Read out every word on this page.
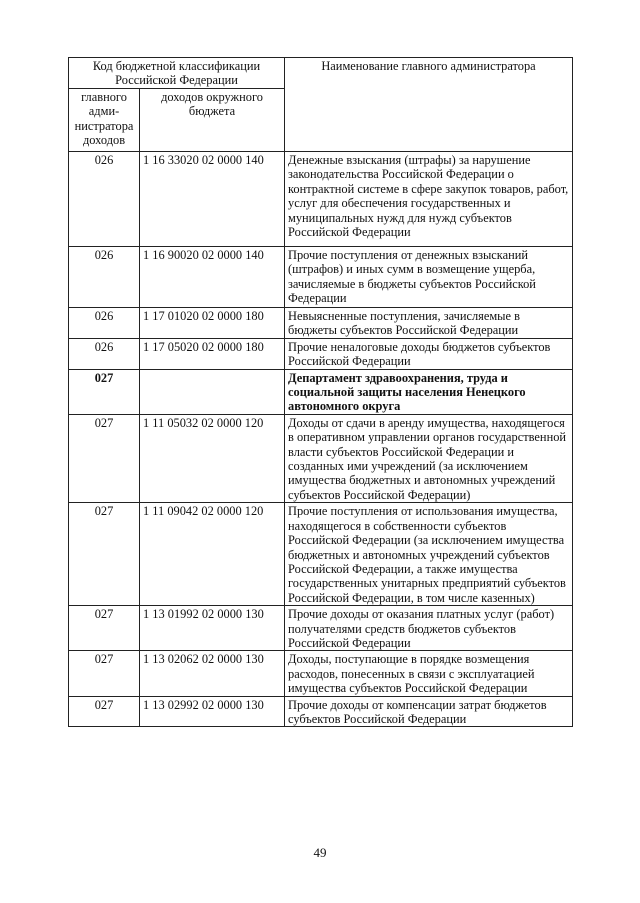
Код бюджетной классификации Российской Федерации		Наименование главного администратора
главного адми-нистратора доходов	доходов окружного бюджета	
026	1 16 33020 02 0000 140	Денежные взыскания (штрафы) за нарушение законодательства Российской Федерации о контрактной системе в сфере закупок товаров, работ, услуг для обеспечения государственных и муниципальных нужд для нужд субъектов Российской Федерации
026	1 16 90020 02 0000 140	Прочие поступления от денежных взысканий (штрафов) и иных сумм в возмещение ущерба, зачисляемые в бюджеты субъектов Российской Федерации
026	1 17 01020 02 0000 180	Невыясненные поступления, зачисляемые в бюджеты субъектов Российской Федерации
026	1 17 05020 02 0000 180	Прочие неналоговые доходы бюджетов субъектов Российской Федерации
027		Департамент здравоохранения, труда и социальной защиты населения Ненецкого автономного округа
027	1 11 05032 02 0000 120	Доходы от сдачи в аренду имущества, находящегося в оперативном управлении органов государственной власти субъектов Российской Федерации и созданных ими учреждений (за исключением имущества бюджетных и автономных учреждений субъектов Российской Федерации)
027	1 11 09042 02 0000 120	Прочие поступления от использования имущества, находящегося в собственности субъектов Российской Федерации (за исключением имущества бюджетных и автономных учреждений субъектов Российской Федерации, а также имущества государственных унитарных предприятий субъектов Российской Федерации, в том числе казенных)
027	1 13 01992 02 0000 130	Прочие доходы от оказания платных услуг (работ) получателями средств бюджетов субъектов Российской Федерации
027	1 13 02062 02 0000 130	Доходы, поступающие в порядке возмещения расходов, понесенных в связи с эксплуатацией имущества субъектов Российской Федерации
027	1 13 02992 02 0000 130	Прочие доходы от компенсации затрат бюджетов субъектов Российской Федерации
49
